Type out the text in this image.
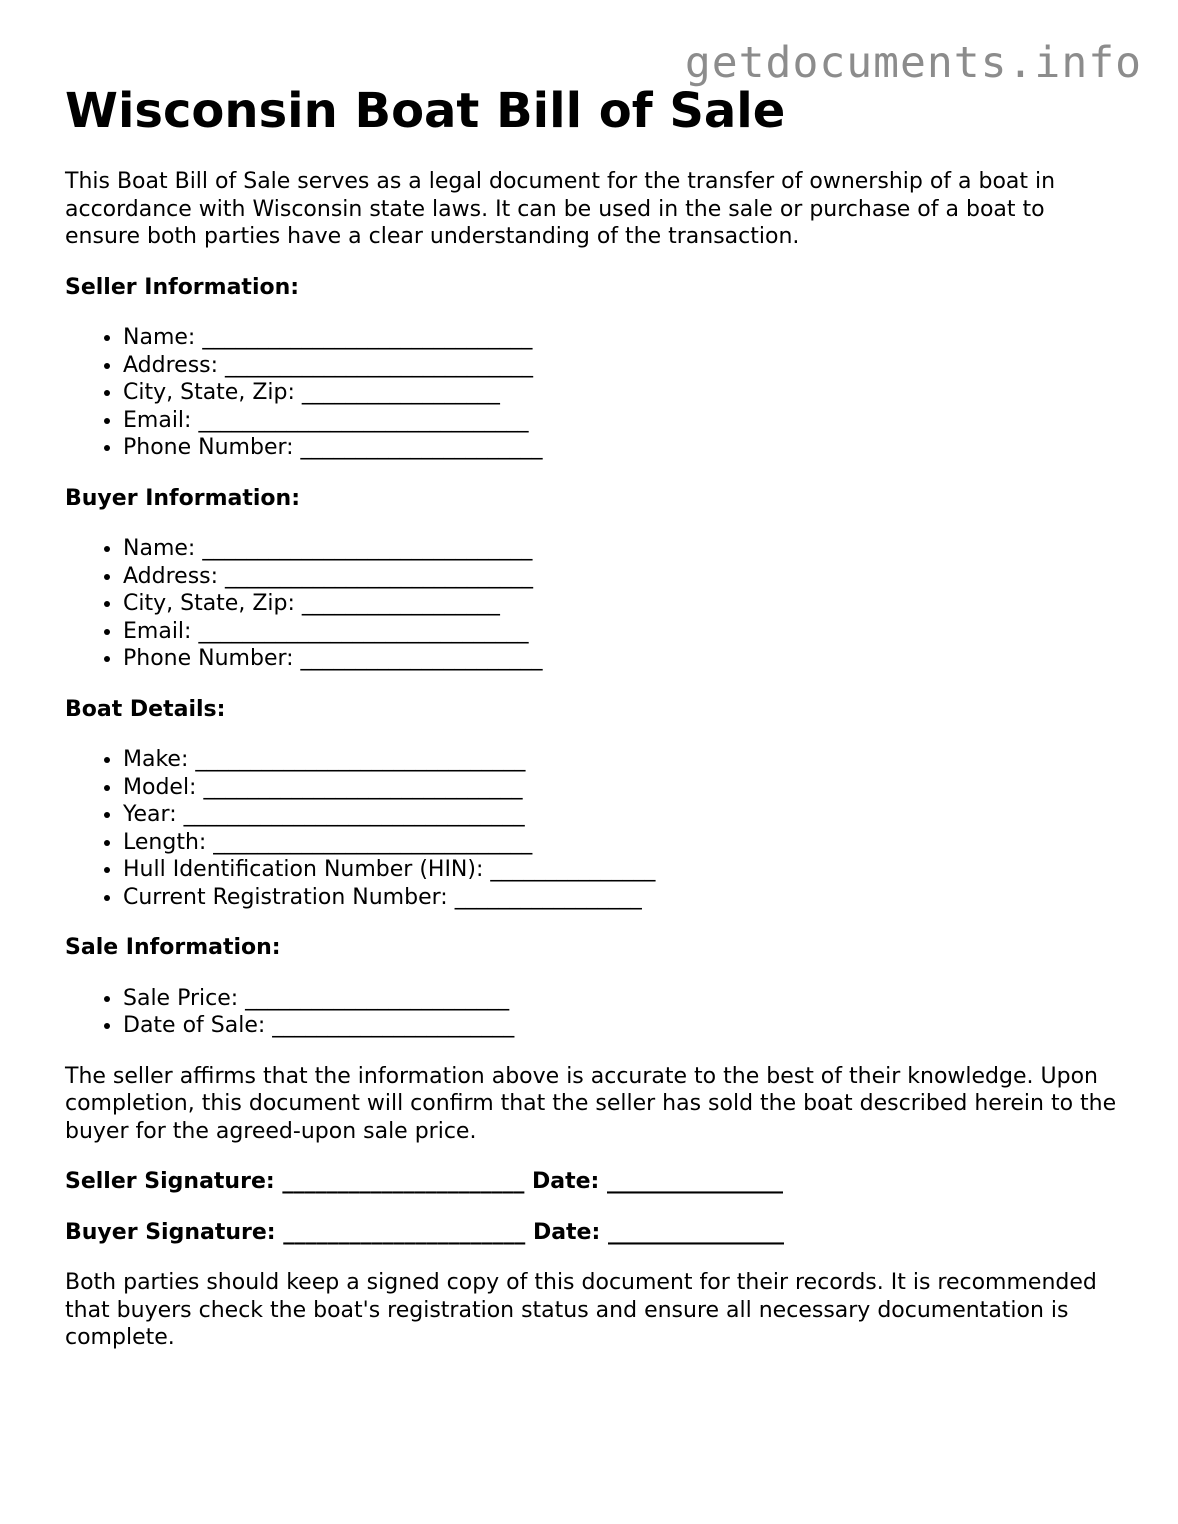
getdocuments.info
Wisconsin Boat Bill of Sale

This Boat Bill of Sale serves as a legal document for the transfer of ownership of a boat in accordance with Wisconsin state laws. It can be used in the sale or purchase of a boat to ensure both parties have a clear understanding of the transaction.

Seller Information:

• Name: ______________________________
• Address: ____________________________
• City, State, Zip: __________________
• Email: ______________________________
• Phone Number: ______________________

Buyer Information:

• Name: ______________________________
• Address: ____________________________
• City, State, Zip: __________________
• Email: ______________________________
• Phone Number: ______________________

Boat Details:

• Make: ______________________________
• Model: _____________________________
• Year: _______________________________
• Length: _____________________________
• Hull Identification Number (HIN): _______________
• Current Registration Number: _________________

Sale Information:

• Sale Price: ________________________
• Date of Sale: ______________________

The seller affirms that the information above is accurate to the best of their knowledge. Upon completion, this document will confirm that the seller has sold the boat described herein to the buyer for the agreed-upon sale price.

Seller Signature: ______________________ Date: ________________

Buyer Signature: ______________________ Date: ________________

Both parties should keep a signed copy of this document for their records. It is recommended that buyers check the boat's registration status and ensure all necessary documentation is complete.
